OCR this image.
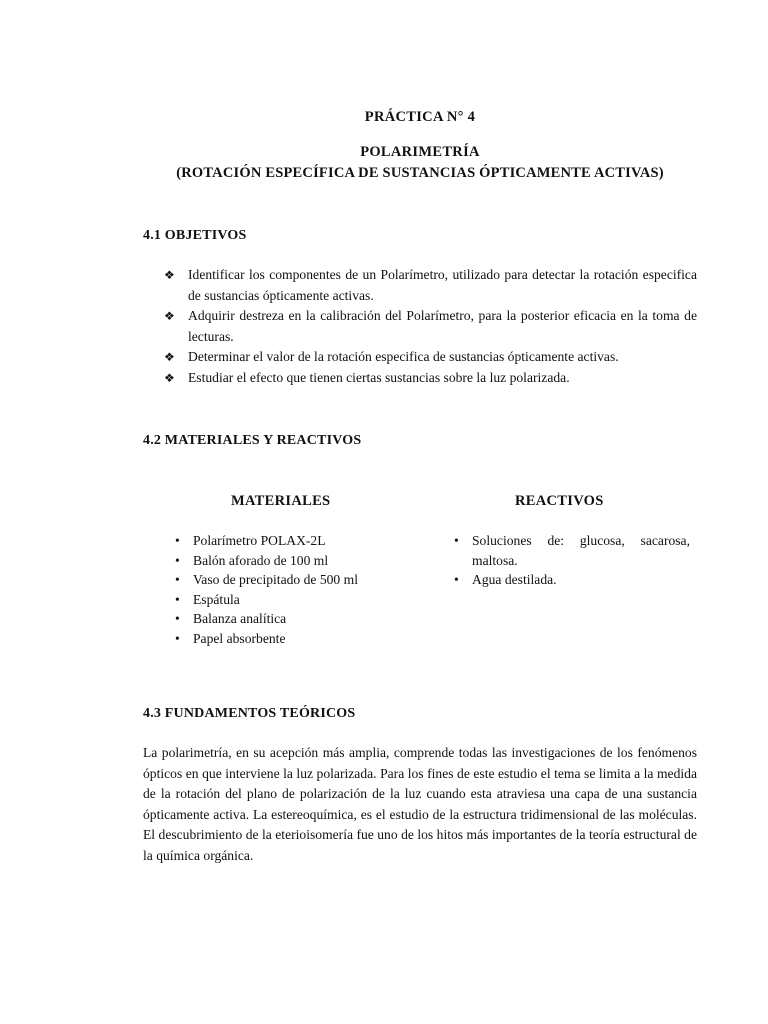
PRÁCTICA N° 4
POLARIMETRÍA
(ROTACIÓN ESPECÍFICA DE SUSTANCIAS ÓPTICAMENTE ACTIVAS)
4.1 OBJETIVOS
❖ Identificar los componentes de un Polarímetro, utilizado para detectar la rotación especifica de sustancias ópticamente activas.
❖ Adquirir destreza en la calibración del Polarímetro, para la posterior eficacia en la toma de lecturas.
❖ Determinar el valor de la rotación especifica de sustancias ópticamente activas.
❖ Estudiar el efecto que tienen ciertas sustancias sobre la luz polarizada.
4.2 MATERIALES Y REACTIVOS
MATERIALES	REACTIVOS
• Polarímetro POLAX-2L
• Balón aforado de 100 ml
• Vaso de precipitado de 500 ml
• Espátula
• Balanza analítica
• Papel absorbente
• Soluciones de: glucosa, sacarosa, maltosa.
• Agua destilada.
4.3 FUNDAMENTOS TEÓRICOS

La polarimetría, en su acepción más amplia, comprende todas las investigaciones de los fenómenos ópticos en que interviene la luz polarizada. Para los fines de este estudio el tema se limita a la medida de la rotación del plano de polarización de la luz cuando esta atraviesa una capa de una sustancia ópticamente activa. La estereoquímica, es el estudio de la estructura tridimensional de las moléculas. El descubrimiento de la eterioisomería fue uno de los hitos más importantes de la teoría estructural de la química orgánica.
